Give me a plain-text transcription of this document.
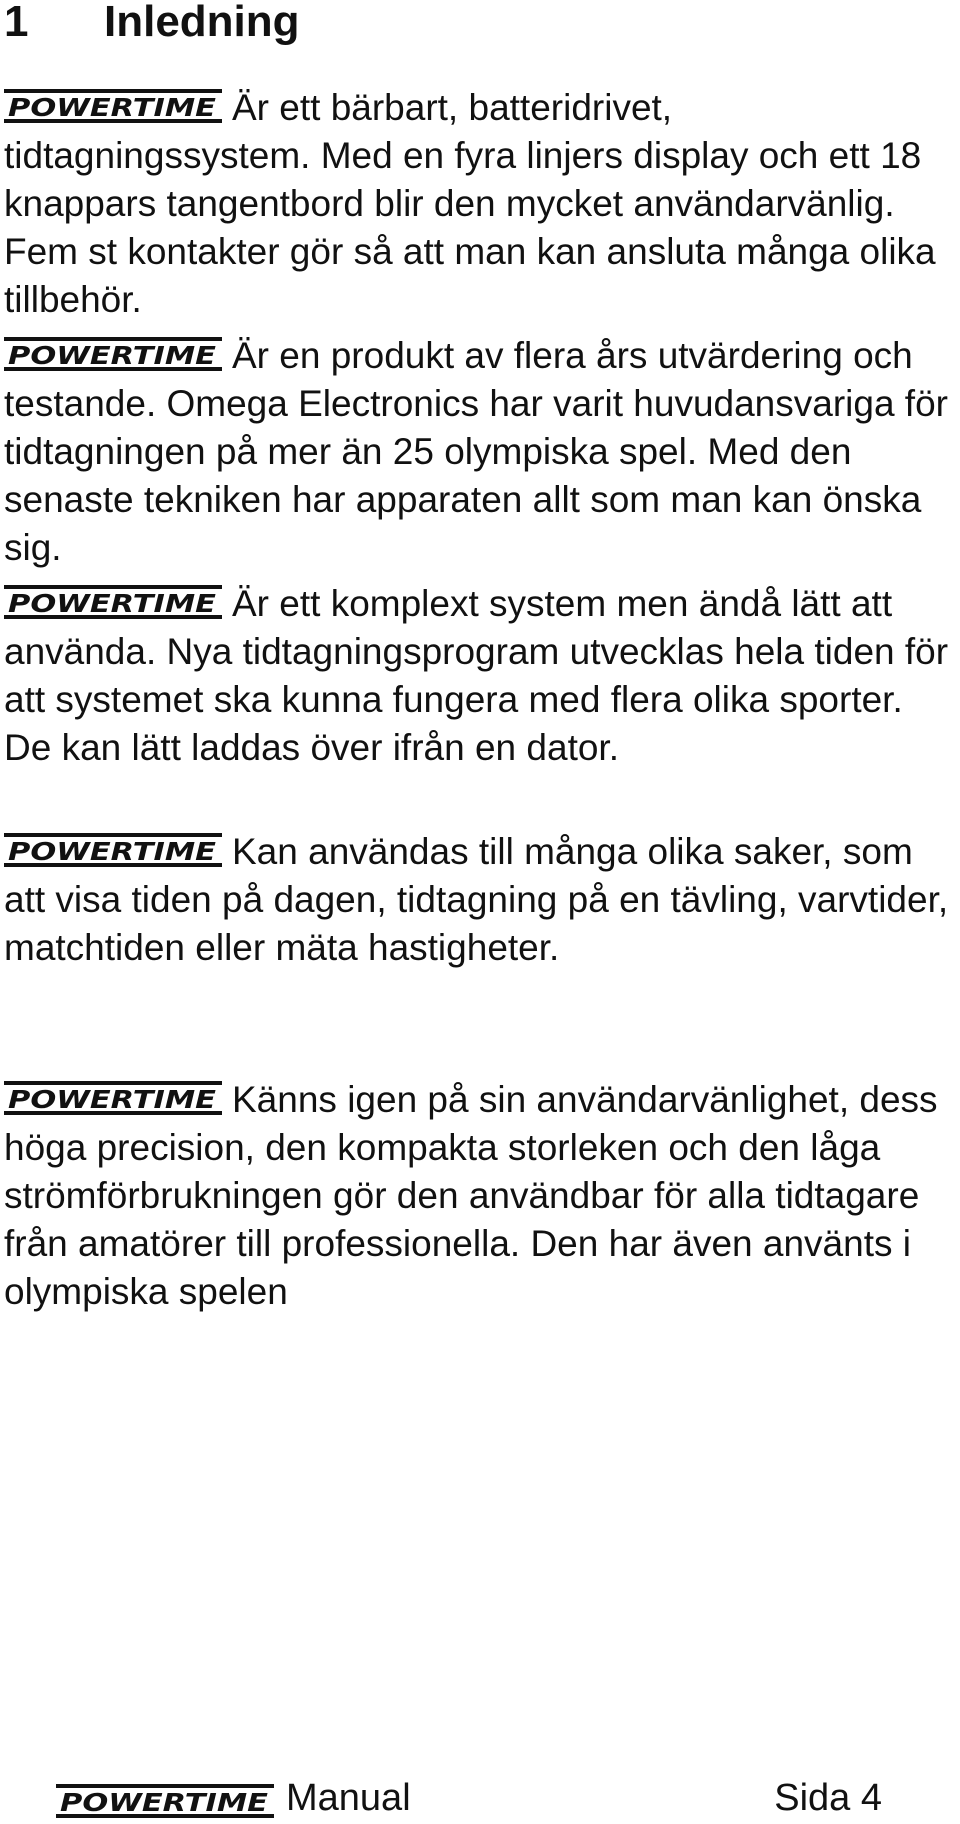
1 Inledning

POWERTIME Är ett bärbart, batteridrivet, tidtagningssystem. Med en fyra linjers display och ett 18 knappars tangentbord blir den mycket användarvänlig. Fem st kontakter gör så att man kan ansluta många olika tillbehör.

POWERTIME Är en produkt av flera års utvärdering och testande. Omega Electronics har varit huvudansvariga för tidtagningen på mer än 25 olympiska spel. Med den senaste tekniken har apparaten allt som man kan önska sig.

POWERTIME Är ett komplext system men ändå lätt att använda. Nya tidtagningsprogram utvecklas hela tiden för att systemet ska kunna fungera med flera olika sporter. De kan lätt laddas över ifrån en dator.

POWERTIME Kan användas till många olika saker, som att visa tiden på dagen, tidtagning på en tävling, varvtider, matchtiden eller mäta hastigheter.

POWERTIME Känns igen på sin användarvänlighet, dess höga precision, den kompakta storleken och den låga strömförbrukningen gör den användbar för alla tidtagare från amatörer till professionella. Den har även använts i olympiska spelen

POWERTIME Manual	Sida 4
